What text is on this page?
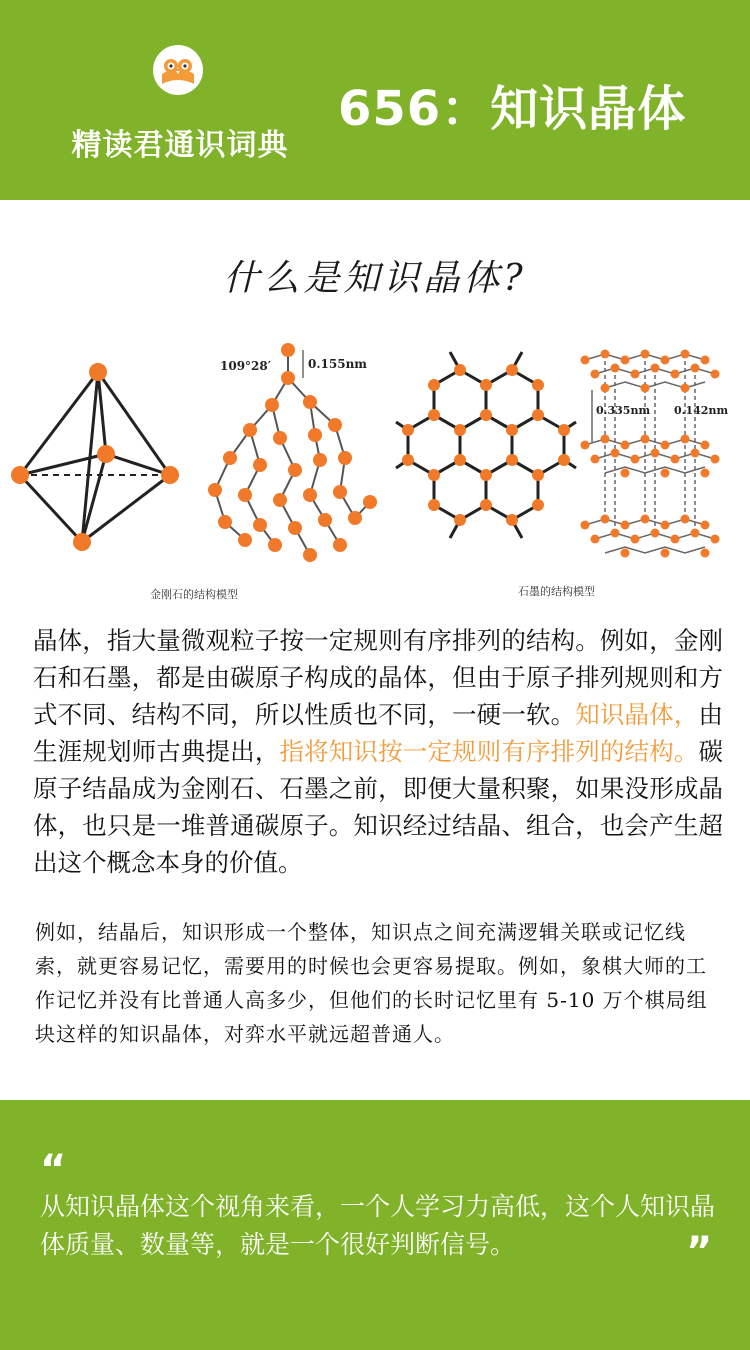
精读君通识词典
656：知识晶体
什么是知识晶体?
109°28′	0.155nm
0.335nm 0.142nm
金刚石的结构模型	石墨的结构模型
晶体，指大量微观粒子按一定规则有序排列的结构。例如，金刚石和石墨，都是由碳原子构成的晶体，但由于原子排列规则和方式不同、结构不同，所以性质也不同，一硬一软。知识晶体，由生涯规划师古典提出，指将知识按一定规则有序排列的结构。碳原子结晶成为金刚石、石墨之前，即便大量积聚，如果没形成晶体，也只是一堆普通碳原子。知识经过结晶、组合，也会产生超出这个概念本身的价值。
例如，结晶后，知识形成一个整体，知识点之间充满逻辑关联或记忆线索，就更容易记忆，需要用的时候也会更容易提取。例如，象棋大师的工作记忆并没有比普通人高多少，但他们的长时记忆里有 5-10 万个棋局组块这样的知识晶体，对弈水平就远超普通人。
“
从知识晶体这个视角来看，一个人学习力高低，这个人知识晶体质量、数量等，就是一个很好判断信号。	”
